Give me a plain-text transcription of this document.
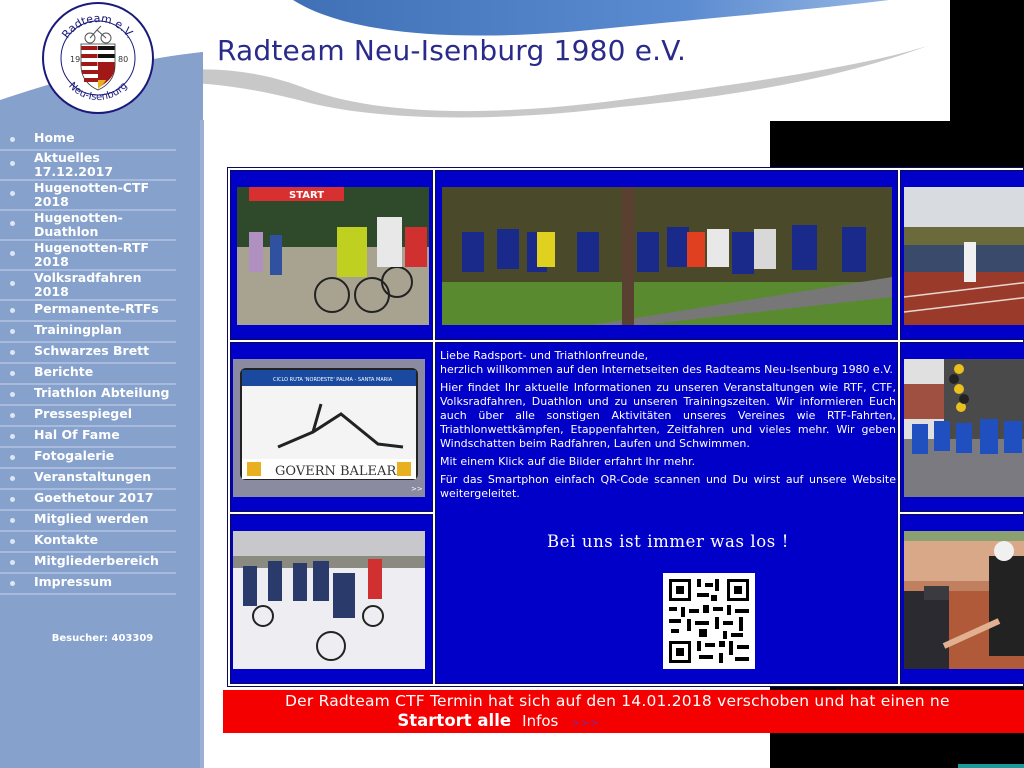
Radteam Neu-Isenburg 1980 e.V.
Radteam e.V.
Neu-Isenburg
19	80
Home
Aktuelles 17.12.2017
Hugenotten-CTF 2018
Hugenotten-Duathlon
Hugenotten-RTF 2018
Volksradfahren 2018
Permanente-RTFs
Trainingplan
Schwarzes Brett
Berichte
Triathlon Abteilung
Pressespiegel
Hal Of Fame
Fotogalerie
Veranstaltungen
Goethetour 2017
Mitglied werden
Kontakte
Mitgliederbereich
Impressum
Besucher: 403309
START
CICLO RUTA 'NORDESTE' PALMA - SANTA MARIA
GOVERN BALEAR
>>

Liebe Radsport- und Triathlonfreunde,
herzlich willkommen auf den Internetseiten des Radteams Neu-Isenburg 1980 e.V.

Hier findet Ihr aktuelle Informationen zu unseren Veranstaltungen wie RTF, CTF, Volksradfahren, Duathlon und zu unseren Trainingszeiten. Wir informieren Euch auch über alle sonstigen Aktivitäten unseres Vereines wie RTF-Fahrten, Triathlonwettkämpfen, Etappenfahrten, Zeitfahren und vieles mehr. Wir geben Windschatten beim Radfahren, Laufen und Schwimmen.

Mit einem Klick auf die Bilder erfahrt Ihr mehr.

Für das Smartphon einfach QR-Code scannen und Du wirst auf unsere Website weitergeleitet.

Bei uns ist immer was los !
Der Radteam CTF Termin hat sich auf den 14.01.2018 verschoben und hat einen ne
Startort alle Infos >>>
